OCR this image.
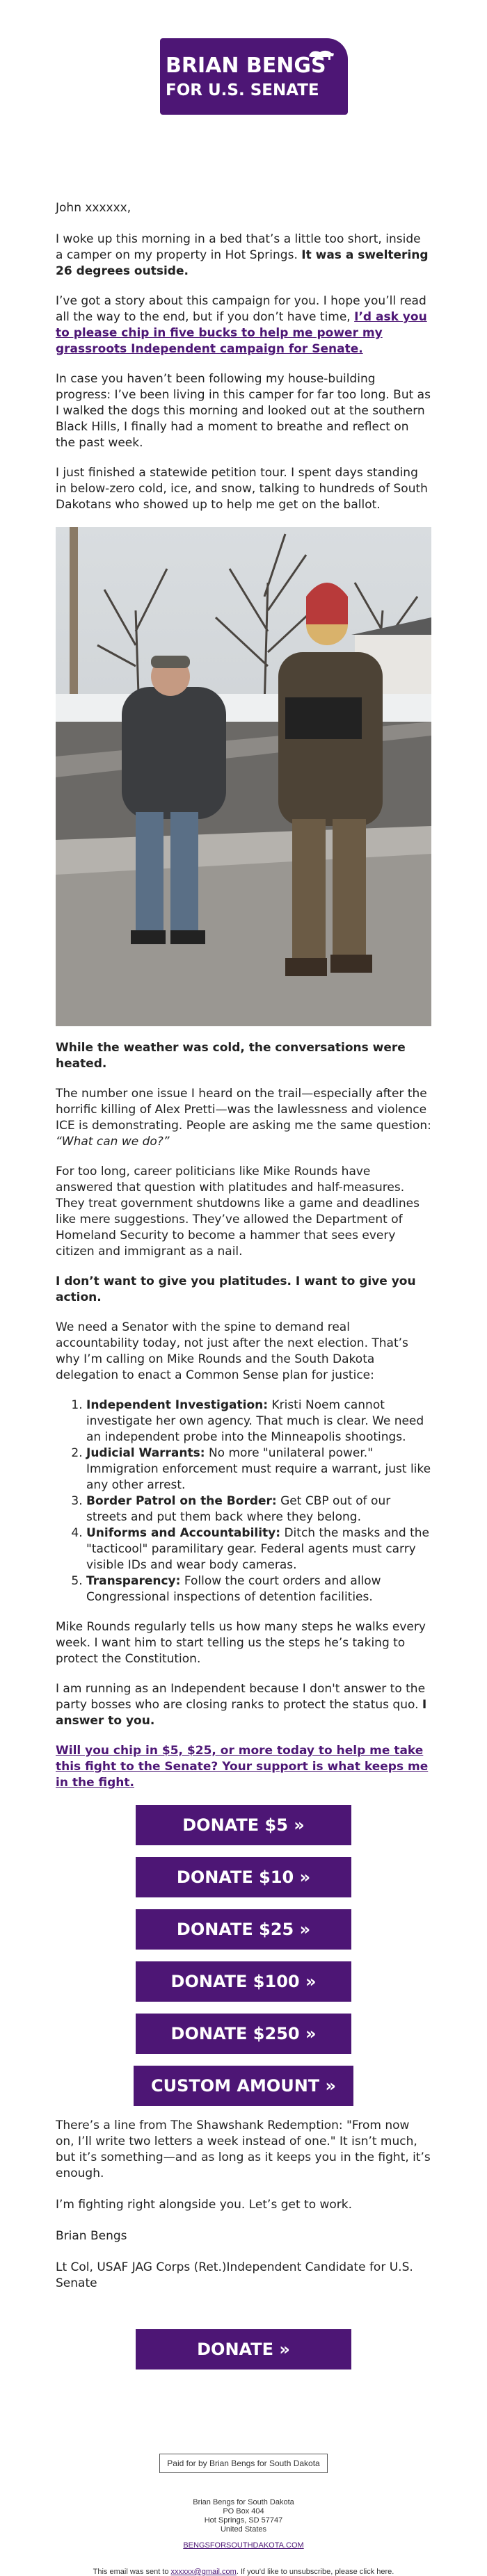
BRIAN BENGS
FOR U.S. SENATE

John xxxxxx,

I woke up this morning in a bed that’s a little too short, inside a camper on my property in Hot Springs. It was a sweltering 26 degrees outside.

I’ve got a story about this campaign for you. I hope you’ll read all the way to the end, but if you don’t have time, I’d ask you to please chip in five bucks to help me power my grassroots Independent campaign for Senate.

In case you haven’t been following my house-building progress: I’ve been living in this camper for far too long. But as I walked the dogs this morning and looked out at the southern Black Hills, I finally had a moment to breathe and reflect on the past week.

I just finished a statewide petition tour. I spent days standing in below-zero cold, ice, and snow, talking to hundreds of South Dakotans who showed up to help me get on the ballot.

While the weather was cold, the conversations were heated.

The number one issue I heard on the trail—especially after the horrific killing of Alex Pretti—was the lawlessness and violence ICE is demonstrating. People are asking me the same question: “What can we do?”

For too long, career politicians like Mike Rounds have answered that question with platitudes and half-measures. They treat government shutdowns like a game and deadlines like mere suggestions. They’ve allowed the Department of Homeland Security to become a hammer that sees every citizen and immigrant as a nail.

I don’t want to give you platitudes. I want to give you action.

We need a Senator with the spine to demand real accountability today, not just after the next election. That’s why I’m calling on Mike Rounds and the South Dakota delegation to enact a Common Sense plan for justice:

1. Independent Investigation: Kristi Noem cannot investigate her own agency. That much is clear. We need an independent probe into the Minneapolis shootings.
2. Judicial Warrants: No more "unilateral power." Immigration enforcement must require a warrant, just like any other arrest.
3. Border Patrol on the Border: Get CBP out of our streets and put them back where they belong.
4. Uniforms and Accountability: Ditch the masks and the "tacticool" paramilitary gear. Federal agents must carry visible IDs and wear body cameras.
5. Transparency: Follow the court orders and allow Congressional inspections of detention facilities.

Mike Rounds regularly tells us how many steps he walks every week. I want him to start telling us the steps he’s taking to protect the Constitution.

I am running as an Independent because I don't answer to the party bosses who are closing ranks to protect the status quo. I answer to you.

Will you chip in $5, $25, or more today to help me take this fight to the Senate? Your support is what keeps me in the fight.

DONATE $5 »
DONATE $10 »
DONATE $25 »
DONATE $100 »
DONATE $250 »
CUSTOM AMOUNT »

There’s a line from The Shawshank Redemption: "From now on, I’ll write two letters a week instead of one." It isn’t much, but it’s something—and as long as it keeps you in the fight, it’s enough.

I’m fighting right alongside you. Let’s get to work.

Brian Bengs

Lt Col, USAF JAG Corps (Ret.)Independent Candidate for U.S. Senate

DONATE »
Paid for by Brian Bengs for South Dakota
Brian Bengs for South Dakota
PO Box 404
Hot Springs, SD 57747
United States
BENGSFORSOUTHDAKOTA.COM
This email was sent to xxxxxx@gmail.com. If you'd like to unsubscribe, please click here.
